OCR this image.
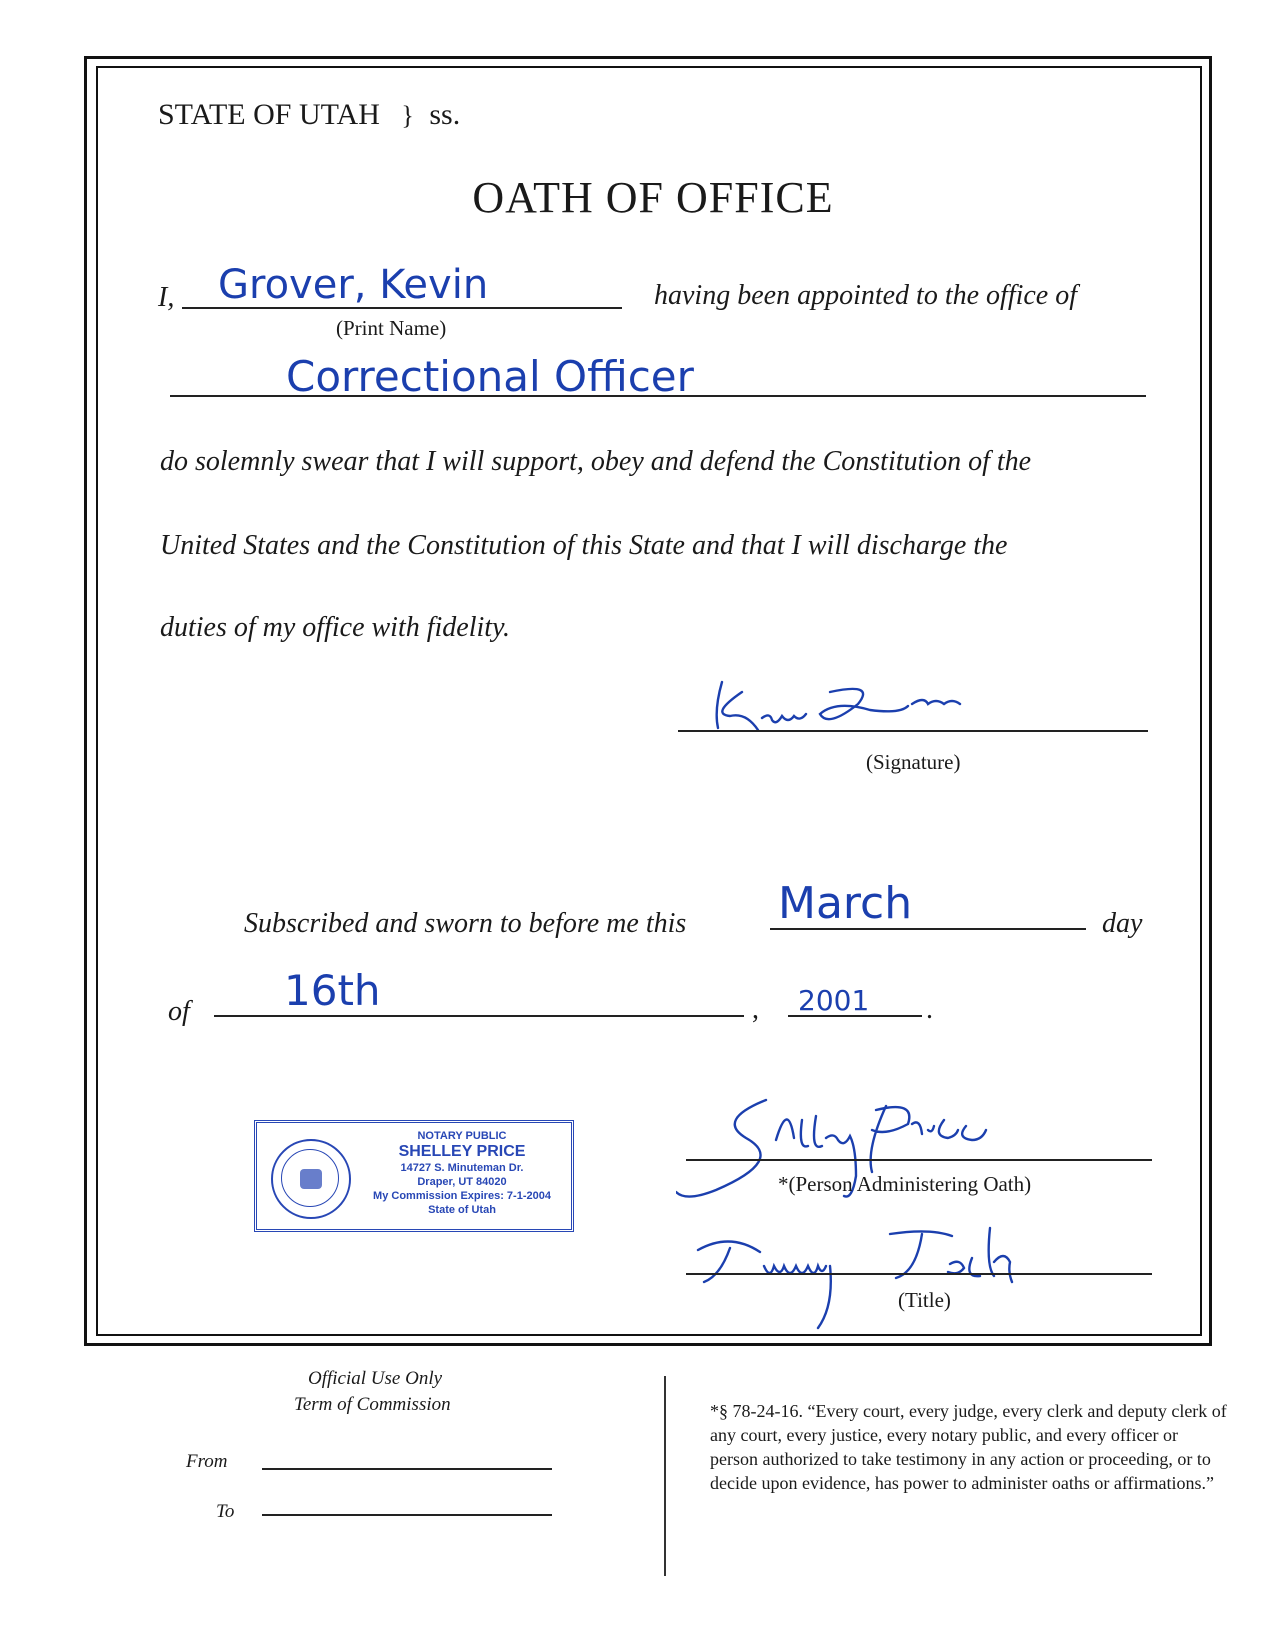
STATE OF UTAH } ss.
OATH OF OFFICE
I, Grover, Kevin	having been appointed to the office of
(Print Name)
Correctional Officer
do solemnly swear that I will support, obey and defend the Constitution of the
United States and the Constitution of this State and that I will discharge the
duties of my office with fidelity.
(Signature)
Subscribed and sworn to before me this March	day
of 16th	, 2001 .
NOTARY PUBLIC
SHELLEY PRICE
14727 S. Minuteman Dr.
Draper, UT 84020
My Commission Expires: 7-1-2004
State of Utah
*(Person Administering Oath)
(Title)
Official Use Only
Term of Commission
From
To
*§ 78-24-16. “Every court, every judge, every clerk and deputy clerk of any court, every justice, every notary public, and every officer or person authorized to take testimony in any action or proceeding, or to decide upon evidence, has power to administer oaths or affirmations.”
